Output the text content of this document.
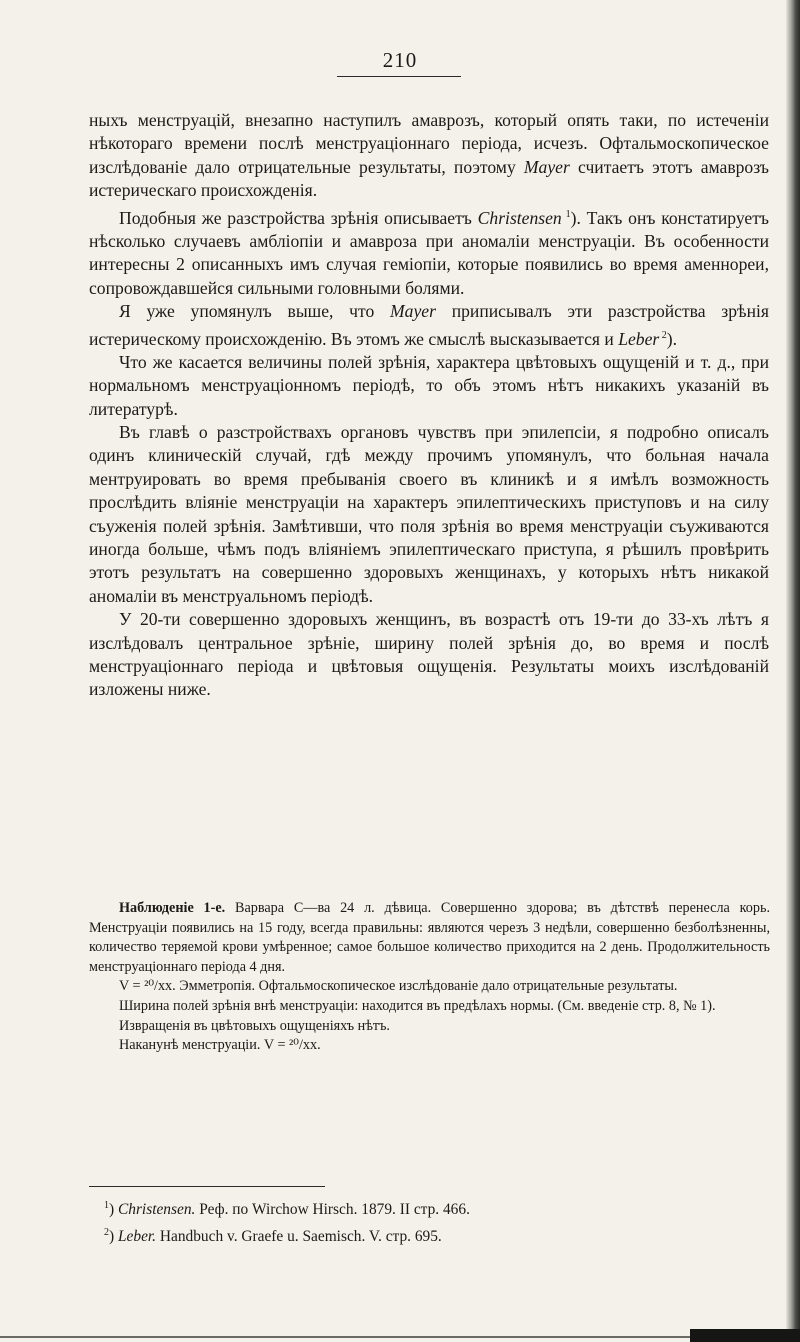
210

ныхъ менструацій, внезапно наступилъ амаврозъ, который опять таки, по истеченіи нѣкотораго времени послѣ менструаціоннаго періода, исчезъ. Офтальмоскопическое изслѣдованіе дало отрицательные результаты, поэтому Mayer считаетъ этотъ амаврозъ истерическаго происхожденія.

Подобныя же разстройства зрѣнія описываетъ Christensen $^1$). Такъ онъ констатируетъ нѣсколько случаевъ амбліопіи и амавроза при аномаліи менструаціи. Въ особенности интересны 2 описанныхъ имъ случая геміопіи, которые появились во время аменнореи, сопровождавшейся сильными головными болями.

Я уже упомянулъ выше, что Mayer приписывалъ эти разстройства зрѣнія истерическому происхожденію. Въ этомъ же смыслѣ высказывается и Leber $^2$).

Что же касается величины полей зрѣнія, характера цвѣтовыхъ ощущеній и т. д., при нормальномъ менструаціонномъ періодѣ, то объ этомъ нѣтъ никакихъ указаній въ литературѣ.

Въ главѣ о разстройствахъ органовъ чувствъ при эпилепсіи, я подробно описалъ одинъ клиническій случай, гдѣ между прочимъ упомянулъ, что больная начала ментруировать во время пребыванія своего въ клиникѣ и я имѣлъ возможность прослѣдить вліяніе менструаціи на характеръ эпилептическихъ приступовъ и на силу съуженія полей зрѣнія. Замѣтивши, что поля зрѣнія во время менструаціи съуживаются иногда больше, чѣмъ подъ вліяніемъ эпилептическаго приступа, я рѣшилъ провѣрить этотъ результатъ на совершенно здоровыхъ женщинахъ, у которыхъ нѣтъ никакой аномаліи въ менструальномъ періодѣ.

У 20-ти совершенно здоровыхъ женщинъ, въ возрастѣ отъ 19-ти до 33-хъ лѣтъ я изслѣдовалъ центральное зрѣніе, ширину полей зрѣнія до, во время и послѣ менструаціоннаго періода и цвѣтовыя ощущенія. Результаты моихъ изслѣдованій изложены ниже.

Наблюденіе 1-е. Варвара С—ва 24 л. дѣвица. Совершенно здорова; въ дѣтствѣ перенесла корь. Менструаціи появились на 15 году, всегда правильны: являются черезъ 3 недѣли, совершенно безболѣзненны, количество теряемой крови умѣренное; самое большое количество приходится на 2 день. Продолжительность менструаціоннаго періода 4 дня.

V = ²⁰/xx. Эмметропія. Офтальмоскопическое изслѣдованіе дало отрицательные результаты.

Ширина полей зрѣнія внѣ менструаціи: находится въ предѣлахъ нормы. (См. введеніе стр. 8, № 1).

Извращенія въ цвѣтовыхъ ощущеніяхъ нѣтъ.

Наканунѣ менструаціи. V = ²⁰/xx.

$^1$) Christensen. Реф. по Wirchow Hirsch. 1879. II стр. 466.

$^2$) Leber. Handbuch v. Graefe u. Saemisch. V. стр. 695.
